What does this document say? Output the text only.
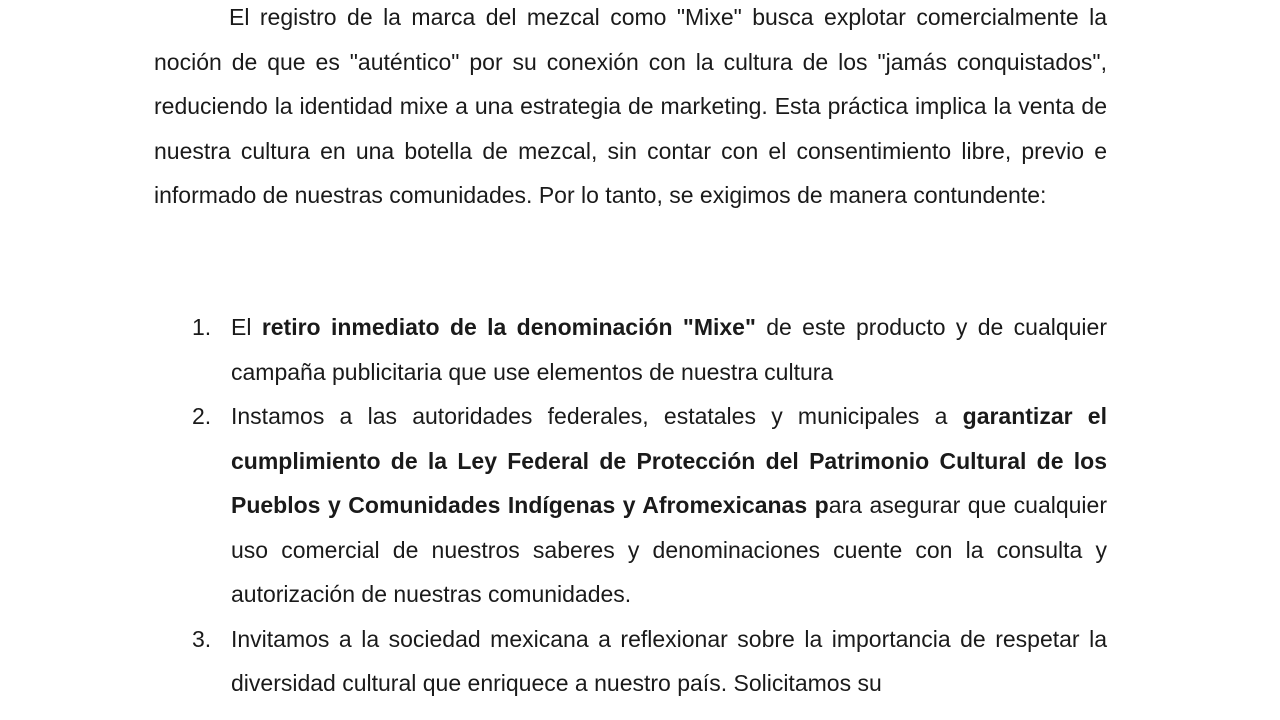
El registro de la marca del mezcal como "Mixe" busca explotar comercialmente la noción de que es "auténtico" por su conexión con la cultura de los "jamás conquistados", reduciendo la identidad mixe a una estrategia de marketing. Esta práctica implica la venta de nuestra cultura en una botella de mezcal, sin contar con el consentimiento libre, previo e informado de nuestras comunidades. Por lo tanto, se exigimos de manera contundente:

1. El retiro inmediato de la denominación "Mixe" de este producto y de cualquier campaña publicitaria que use elementos de nuestra cultura
2. Instamos a las autoridades federales, estatales y municipales a garantizar el cumplimiento de la Ley Federal de Protección del Patrimonio Cultural de los Pueblos y Comunidades Indígenas y Afromexicanas para asegurar que cualquier uso comercial de nuestros saberes y denominaciones cuente con la consulta y autorización de nuestras comunidades.
3. Invitamos a la sociedad mexicana a reflexionar sobre la importancia de respetar la diversidad cultural que enriquece a nuestro país. Solicitamos su
